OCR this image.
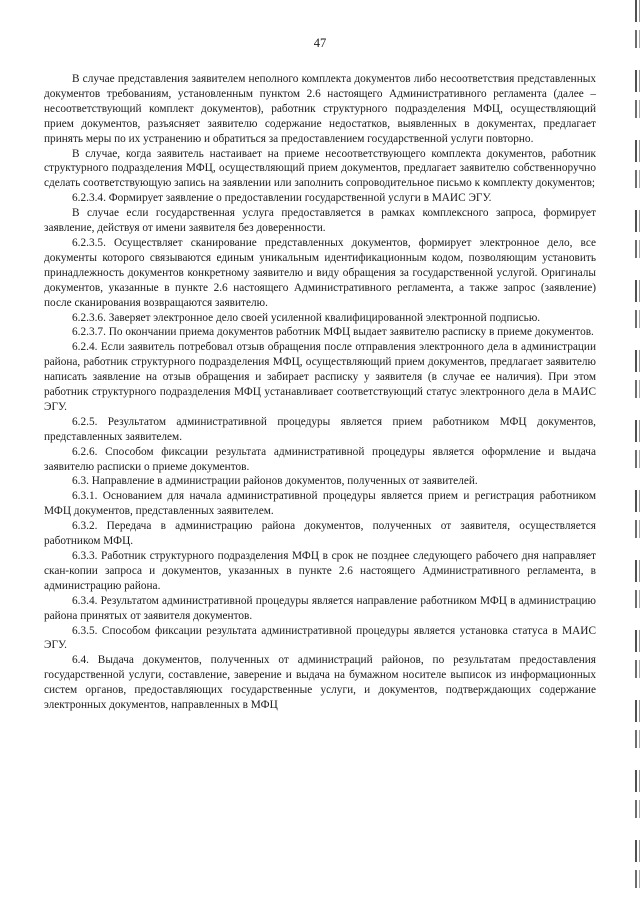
47

В случае представления заявителем неполного комплекта документов либо несоответствия представленных документов требованиям, установленным пунктом 2.6 настоящего Административного регламента (далее – несоответствующий комплект документов), работник структурного подразделения МФЦ, осуществляющий прием документов, разъясняет заявителю содержание недостатков, выявленных в документах, предлагает принять меры по их устранению и обратиться за предоставлением государственной услуги повторно.

В случае, когда заявитель настаивает на приеме несоответствующего комплекта документов, работник структурного подразделения МФЦ, осуществляющий прием документов, предлагает заявителю собственноручно сделать соответствующую запись на заявлении или заполнить сопроводительное письмо к комплекту документов;

6.2.3.4. Формирует заявление о предоставлении государственной услуги в МАИС ЭГУ.

В случае если государственная услуга предоставляется в рамках комплексного запроса, формирует заявление, действуя от имени заявителя без доверенности.

6.2.3.5. Осуществляет сканирование представленных документов, формирует электронное дело, все документы которого связываются единым уникальным идентификационным кодом, позволяющим установить принадлежность документов конкретному заявителю и виду обращения за государственной услугой. Оригиналы документов, указанные в пункте 2.6 настоящего Административного регламента, а также запрос (заявление) после сканирования возвращаются заявителю.

6.2.3.6. Заверяет электронное дело своей усиленной квалифицированной электронной подписью.

6.2.3.7. По окончании приема документов работник МФЦ выдает заявителю расписку в приеме документов.

6.2.4. Если заявитель потребовал отзыв обращения после отправления электронного дела в администрации района, работник структурного подразделения МФЦ, осуществляющий прием документов, предлагает заявителю написать заявление на отзыв обращения и забирает расписку у заявителя (в случае ее наличия). При этом работник структурного подразделения МФЦ устанавливает соответствующий статус электронного дела в МАИС ЭГУ.

6.2.5. Результатом административной процедуры является прием работником МФЦ документов, представленных заявителем.

6.2.6. Способом фиксации результата административной процедуры является оформление и выдача заявителю расписки о приеме документов.

6.3. Направление в администрации районов документов, полученных от заявителей.

6.3.1. Основанием для начала административной процедуры является прием и регистрация работником МФЦ документов, представленных заявителем.

6.3.2. Передача в администрацию района документов, полученных от заявителя, осуществляется работником МФЦ.

6.3.3. Работник структурного подразделения МФЦ в срок не позднее следующего рабочего дня направляет скан-копии запроса и документов, указанных в пункте 2.6 настоящего Административного регламента, в администрацию района.

6.3.4. Результатом административной процедуры является направление работником МФЦ в администрацию района принятых от заявителя документов.

6.3.5. Способом фиксации результата административной процедуры является установка статуса в МАИС ЭГУ.

6.4. Выдача документов, полученных от администраций районов, по результатам предоставления государственной услуги, составление, заверение и выдача на бумажном носителе выписок из информационных систем органов, предоставляющих государственные услуги, и документов, подтверждающих содержание электронных документов, направленных в МФЦ
